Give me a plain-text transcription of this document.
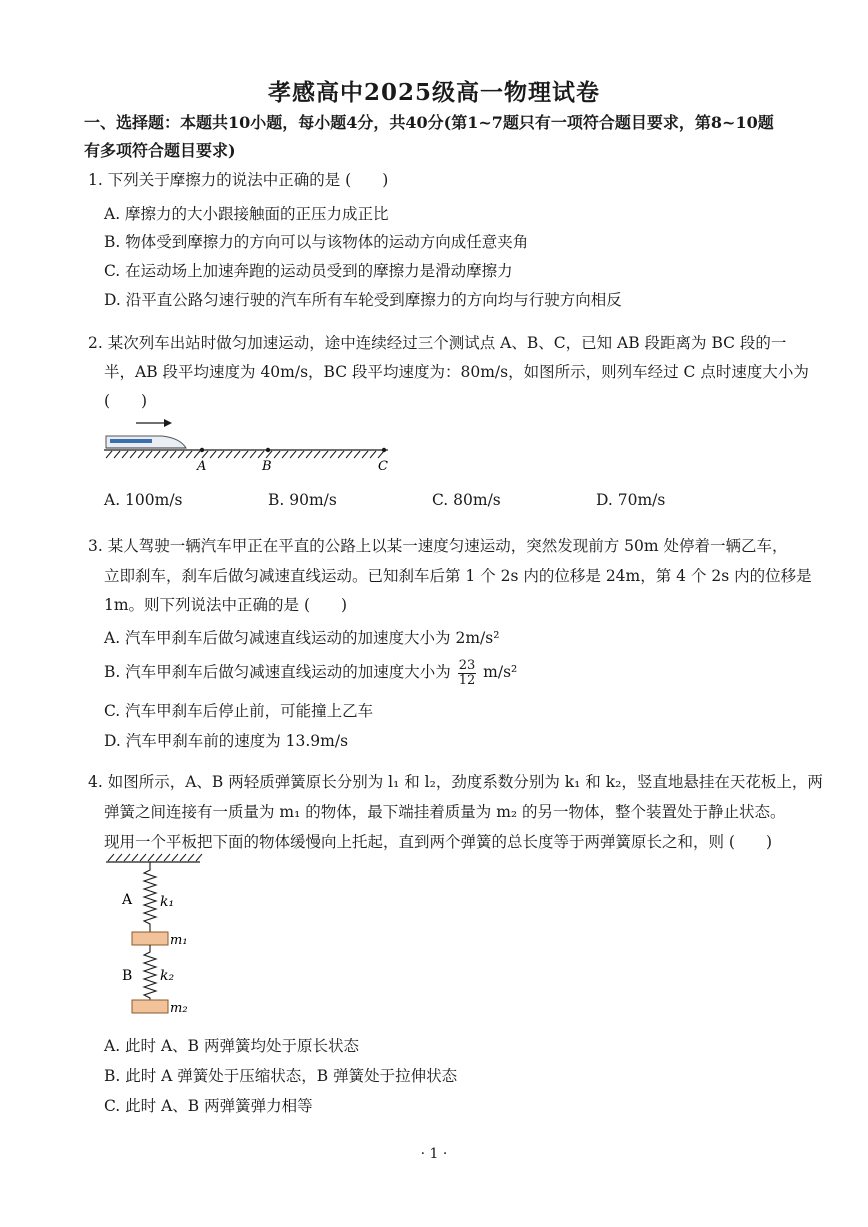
孝感高中2025级高一物理试卷
一、选择题：本题共10小题，每小题4分，共40分(第1~7题只有一项符合题目要求，第8~10题
有多项符合题目要求)
1. 下列关于摩擦力的说法中正确的是 (　　)
A. 摩擦力的大小跟接触面的正压力成正比
B. 物体受到摩擦力的方向可以与该物体的运动方向成任意夹角
C. 在运动场上加速奔跑的运动员受到的摩擦力是滑动摩擦力
D. 沿平直公路匀速行驶的汽车所有车轮受到摩擦力的方向均与行驶方向相反
2. 某次列车出站时做匀加速运动，途中连续经过三个测试点 A、B、C，已知 AB 段距离为 BC 段的一
半，AB 段平均速度为 40m/s，BC 段平均速度为：80m/s，如图所示，则列车经过 C 点时速度大小为
(　　)
A	B	C
A. 100m/s	B. 90m/s	C. 80m/s	D. 70m/s
3. 某人驾驶一辆汽车甲正在平直的公路上以某一速度匀速运动，突然发现前方 50m 处停着一辆乙车，
立即刹车，刹车后做匀减速直线运动。已知刹车后第 1 个 2s 内的位移是 24m，第 4 个 2s 内的位移是
1m。则下列说法中正确的是 (　　)
A. 汽车甲刹车后做匀减速直线运动的加速度大小为 2m/s²
B. 汽车甲刹车后做匀减速直线运动的加速度大小为 $\frac{23}{12} m/s^2$
C. 汽车甲刹车后停止前，可能撞上乙车
D. 汽车甲刹车前的速度为 13.9m/s
4. 如图所示，A、B 两轻质弹簧原长分别为 l₁ 和 l₂，劲度系数分别为 k₁ 和 k₂，竖直地悬挂在天花板上，两
弹簧之间连接有一质量为 m₁ 的物体，最下端挂着质量为 m₂ 的另一物体，整个装置处于静止状态。
现用一个平板把下面的物体缓慢向上托起，直到两个弹簧的总长度等于两弹簧原长之和，则 (　　)
A k₁
m₁
B k₂
m₂
A. 此时 A、B 两弹簧均处于原长状态
B. 此时 A 弹簧处于压缩状态，B 弹簧处于拉伸状态
C. 此时 A、B 两弹簧弹力相等
· 1 ·
